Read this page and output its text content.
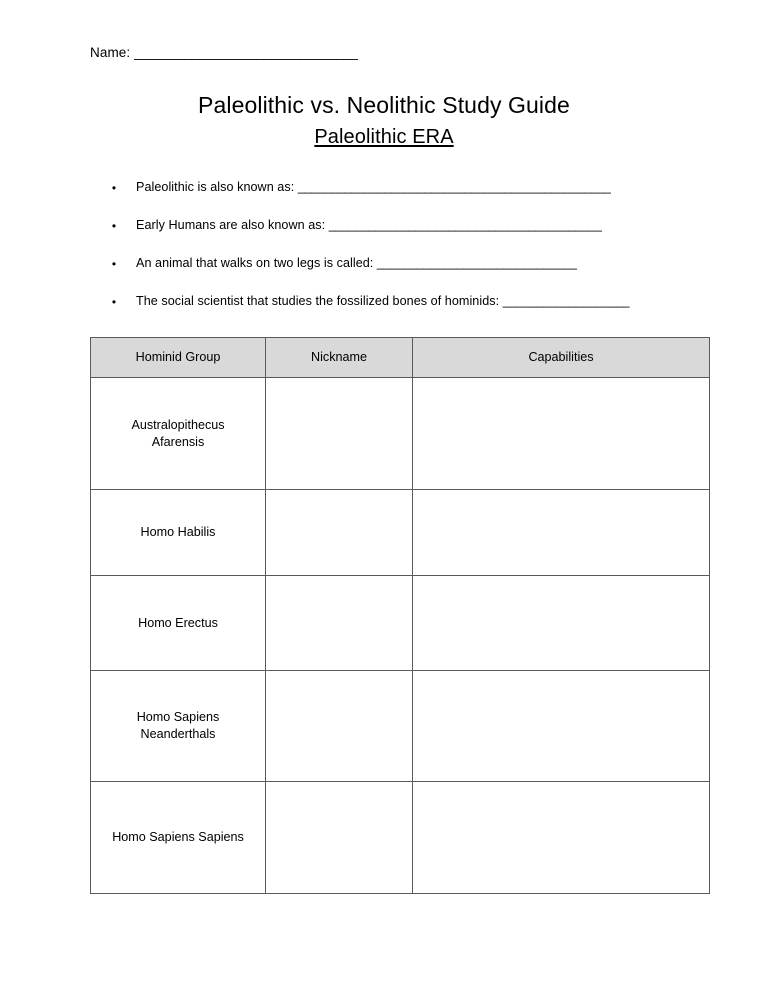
Name: _______________________________
Paleolithic vs. Neolithic Study Guide
Paleolithic ERA
• Paleolithic is also known as: _______________________________________________
• Early Humans are also known as: _________________________________________
• An animal that walks on two legs is called: ______________________________
• The social scientist that studies the fossilized bones of hominids: ___________________
Hominid Group	Nickname	Capabilities

Australopithecus
Afarensis		

Homo Habilis		

Homo Erectus		

Homo Sapiens
Neanderthals		

Homo Sapiens Sapiens		
